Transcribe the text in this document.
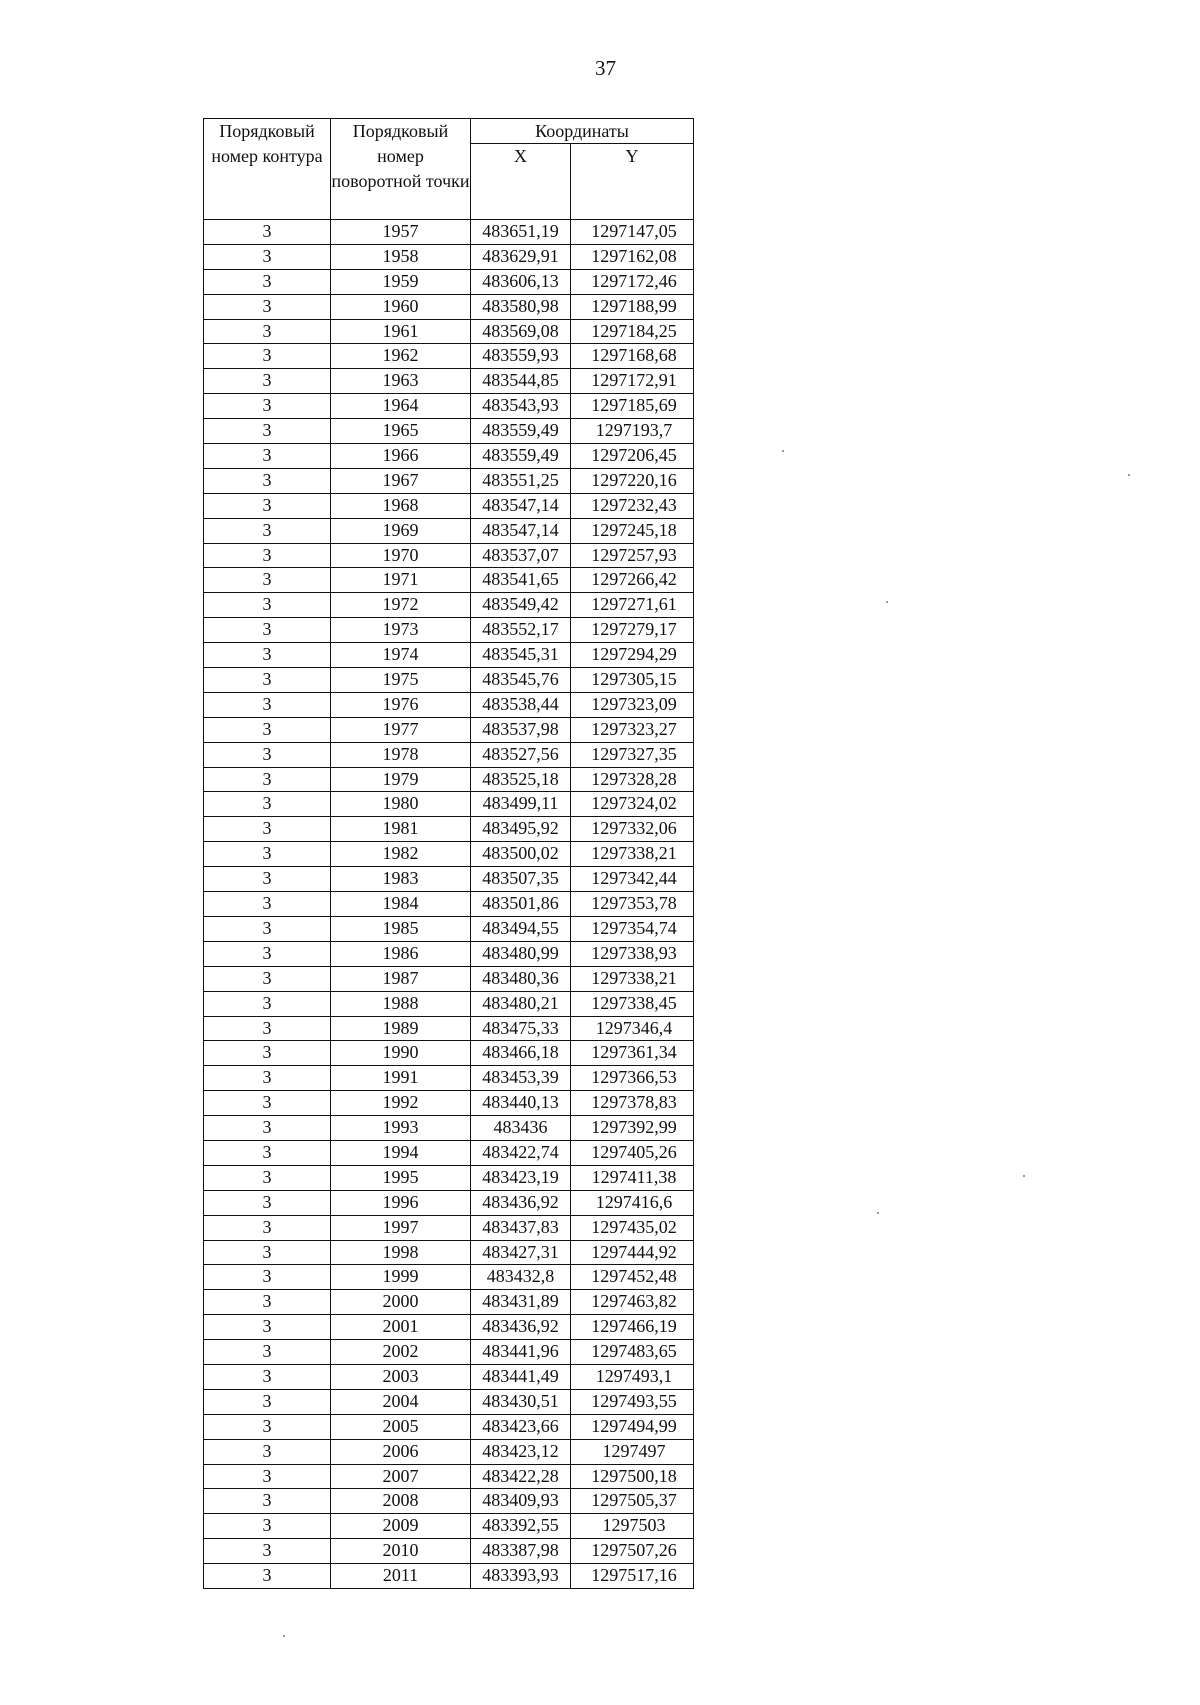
37
Порядковый номер контура	Порядковый номер поворотной точки	Координаты	
		X	Y
3	1957	483651,19	1297147,05
3	1958	483629,91	1297162,08
3	1959	483606,13	1297172,46
3	1960	483580,98	1297188,99
3	1961	483569,08	1297184,25
3	1962	483559,93	1297168,68
3	1963	483544,85	1297172,91
3	1964	483543,93	1297185,69
3	1965	483559,49	1297193,7
3	1966	483559,49	1297206,45
3	1967	483551,25	1297220,16
3	1968	483547,14	1297232,43
3	1969	483547,14	1297245,18
3	1970	483537,07	1297257,93
3	1971	483541,65	1297266,42
3	1972	483549,42	1297271,61
3	1973	483552,17	1297279,17
3	1974	483545,31	1297294,29
3	1975	483545,76	1297305,15
3	1976	483538,44	1297323,09
3	1977	483537,98	1297323,27
3	1978	483527,56	1297327,35
3	1979	483525,18	1297328,28
3	1980	483499,11	1297324,02
3	1981	483495,92	1297332,06
3	1982	483500,02	1297338,21
3	1983	483507,35	1297342,44
3	1984	483501,86	1297353,78
3	1985	483494,55	1297354,74
3	1986	483480,99	1297338,93
3	1987	483480,36	1297338,21
3	1988	483480,21	1297338,45
3	1989	483475,33	1297346,4
3	1990	483466,18	1297361,34
3	1991	483453,39	1297366,53
3	1992	483440,13	1297378,83
3	1993	483436	1297392,99
3	1994	483422,74	1297405,26
3	1995	483423,19	1297411,38
3	1996	483436,92	1297416,6
3	1997	483437,83	1297435,02
3	1998	483427,31	1297444,92
3	1999	483432,8	1297452,48
3	2000	483431,89	1297463,82
3	2001	483436,92	1297466,19
3	2002	483441,96	1297483,65
3	2003	483441,49	1297493,1
3	2004	483430,51	1297493,55
3	2005	483423,66	1297494,99
3	2006	483423,12	1297497
3	2007	483422,28	1297500,18
3	2008	483409,93	1297505,37
3	2009	483392,55	1297503
3	2010	483387,98	1297507,26
3	2011	483393,93	1297517,16
